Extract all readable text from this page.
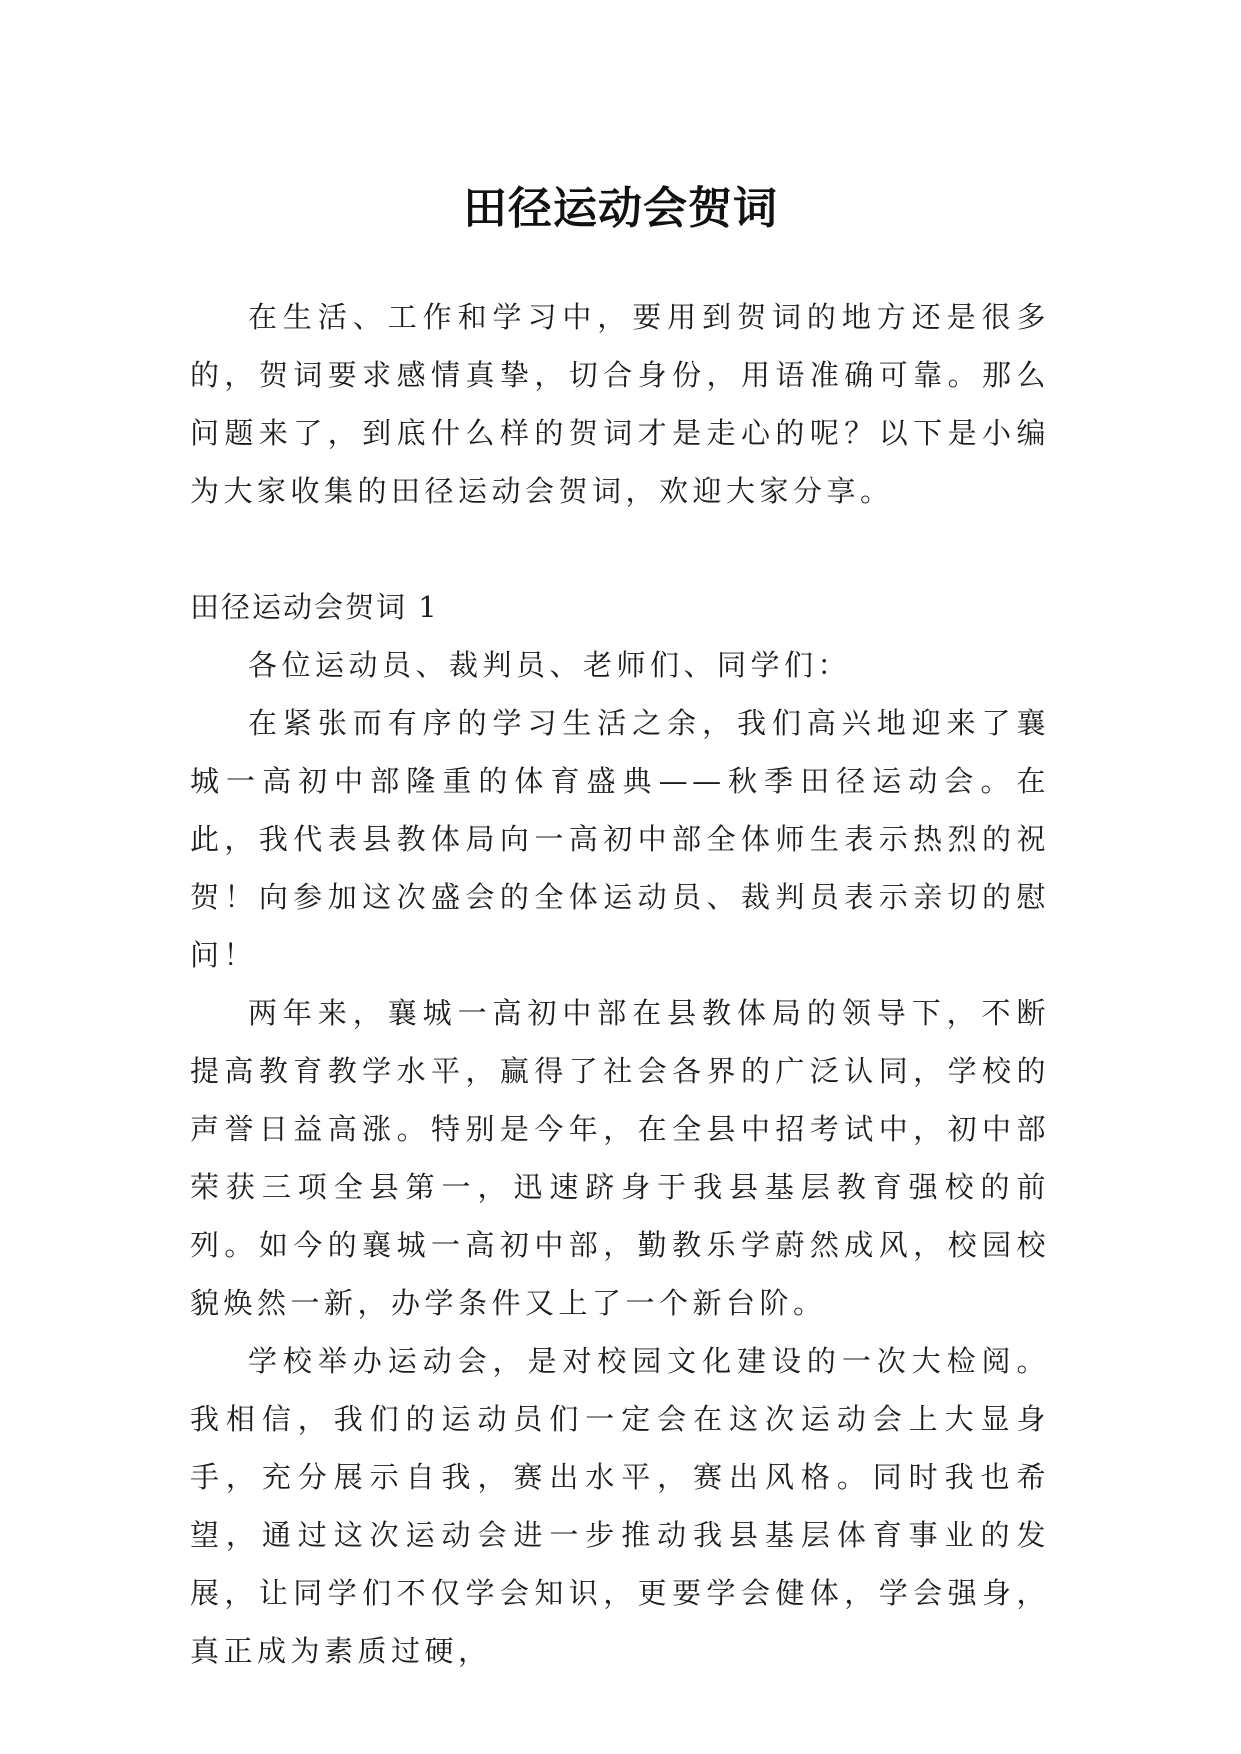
田径运动会贺词

在生活、工作和学习中，要用到贺词的地方还是很多的，贺词要求感情真挚，切合身份，用语准确可靠。那么问题来了，到底什么样的贺词才是走心的呢？以下是小编为大家收集的田径运动会贺词，欢迎大家分享。

田径运动会贺词 1

各位运动员、裁判员、老师们、同学们：

在紧张而有序的学习生活之余，我们高兴地迎来了襄城一高初中部隆重的体育盛典——秋季田径运动会。在此，我代表县教体局向一高初中部全体师生表示热烈的祝贺！向参加这次盛会的全体运动员、裁判员表示亲切的慰问！

两年来，襄城一高初中部在县教体局的领导下，不断提高教育教学水平，赢得了社会各界的广泛认同，学校的声誉日益高涨。特别是今年，在全县中招考试中，初中部荣获三项全县第一，迅速跻身于我县基层教育强校的前列。如今的襄城一高初中部，勤教乐学蔚然成风，校园校貌焕然一新，办学条件又上了一个新台阶。

学校举办运动会，是对校园文化建设的一次大检阅。我相信，我们的运动员们一定会在这次运动会上大显身手，充分展示自我，赛出水平，赛出风格。同时我也希望，通过这次运动会进一步推动我县基层体育事业的发展，让同学们不仅学会知识，更要学会健体，学会强身，真正成为素质过硬，
